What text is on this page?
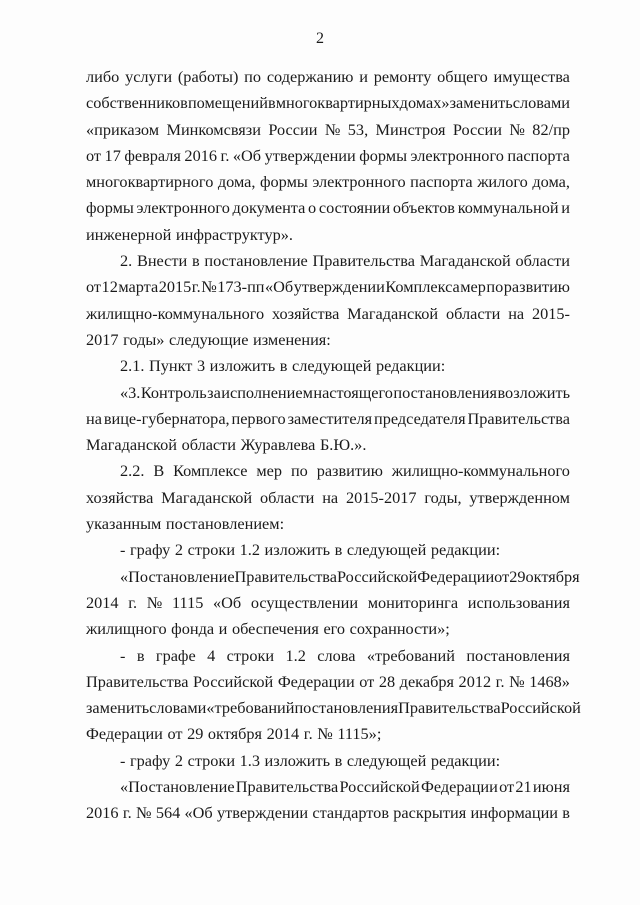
2
либо услуги (работы) по содержанию и ремонту общего имущества
собственников помещений в многоквартирных домах» заменить словами
«приказом Минкомсвязи России № 53, Минстроя России № 82/пр
от 17 февраля 2016 г. «Об утверждении формы электронного паспорта
многоквартирного дома, формы электронного паспорта жилого дома,
формы электронного документа о состоянии объектов коммунальной и
инженерной инфраструктур».
2. Внести в постановление Правительства Магаданской области
от 12 марта 2015 г. № 173-пп «Об утверждении Комплекса мер по развитию
жилищно-коммунального хозяйства Магаданской области на 2015-
2017 годы» следующие изменения:
2.1. Пункт 3 изложить в следующей редакции:
«3. Контроль за исполнением настоящего постановления возложить
на вице-губернатора, первого заместителя председателя Правительства
Магаданской области Журавлева Б.Ю.».
2.2. В Комплексе мер по развитию жилищно-коммунального
хозяйства Магаданской области на 2015-2017 годы, утвержденном
указанным постановлением:
- графу 2 строки 1.2 изложить в следующей редакции:
«Постановление Правительства Российской Федерации от 29 октября
2014 г. № 1115 «Об осуществлении мониторинга использования
жилищного фонда и обеспечения его сохранности»;
- в графе 4 строки 1.2 слова «требований постановления
Правительства Российской Федерации от 28 декабря 2012 г. № 1468»
заменить словами «требований постановления Правительства Российской
Федерации от 29 октября 2014 г. № 1115»;
- графу 2 строки 1.3 изложить в следующей редакции:
«Постановление Правительства Российской Федерации от 21 июня
2016 г. № 564 «Об утверждении стандартов раскрытия информации в
